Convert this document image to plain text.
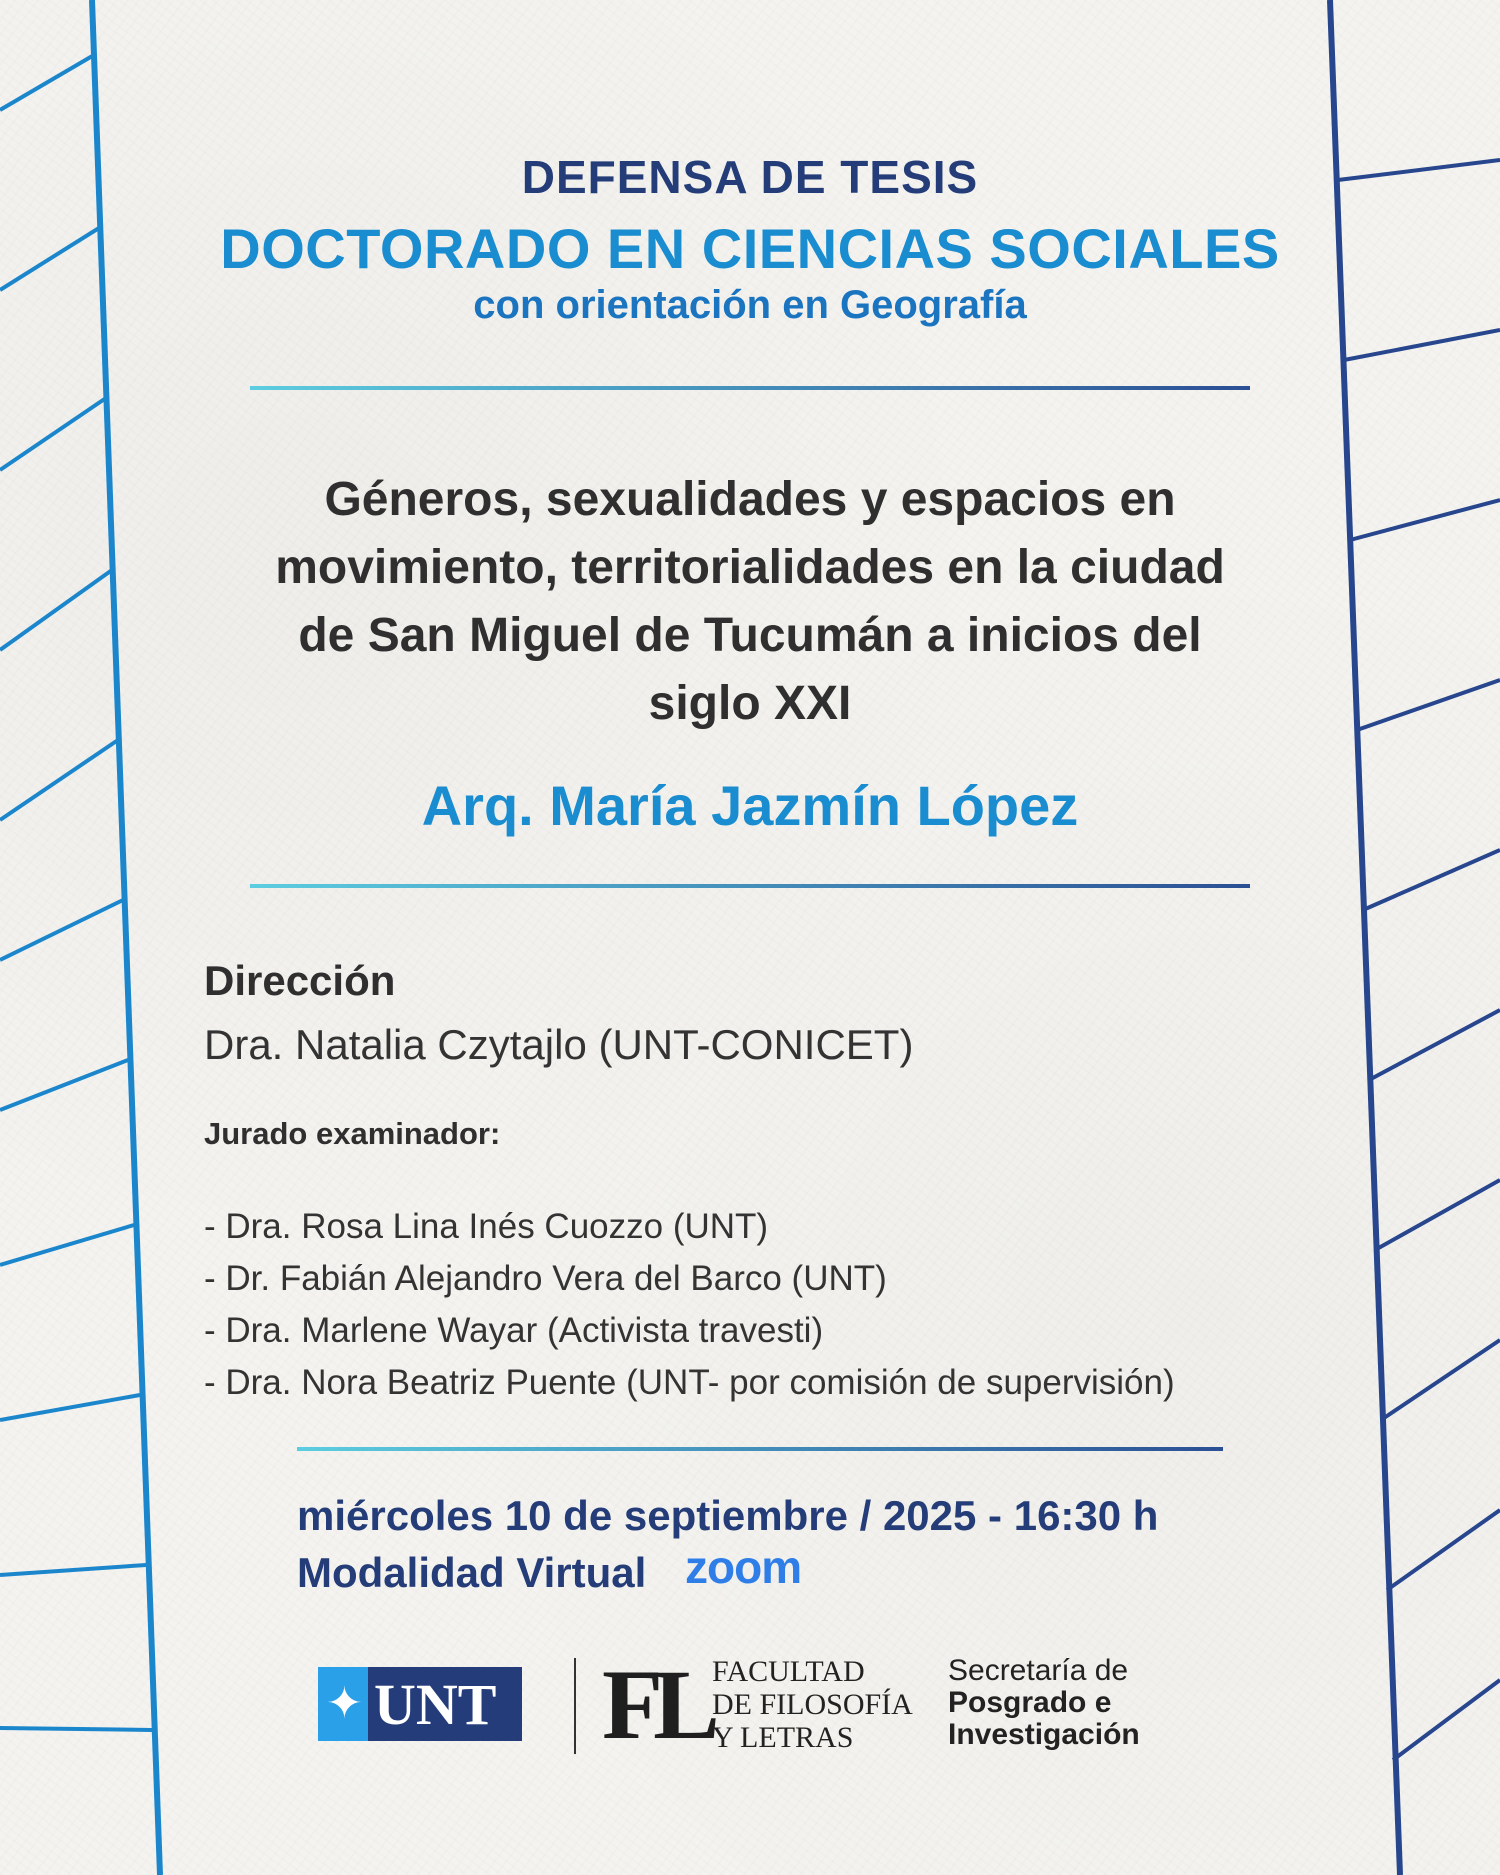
DEFENSA DE TESIS
DOCTORADO EN CIENCIAS SOCIALES
con orientación en Geografía
Géneros, sexualidades y espacios en
movimiento, territorialidades en la ciudad
de San Miguel de Tucumán a inicios del
siglo XXI
Arq. María Jazmín López
Dirección
Dra. Natalia Czytajlo (UNT-CONICET)
Jurado examinador:
- Dra. Rosa Lina Inés Cuozzo (UNT)
- Dr. Fabián Alejandro Vera del Barco (UNT)
- Dra. Marlene Wayar (Activista travesti)
- Dra. Nora Beatriz Puente (UNT- por comisión de supervisión)
miércoles 10 de septiembre / 2025 - 16:30 h
Modalidad Virtual zoom
✦ UNT FL FACULTAD
DE FILOSOFÍA
Y LETRAS
Secretaría de
Posgrado e
Investigación
